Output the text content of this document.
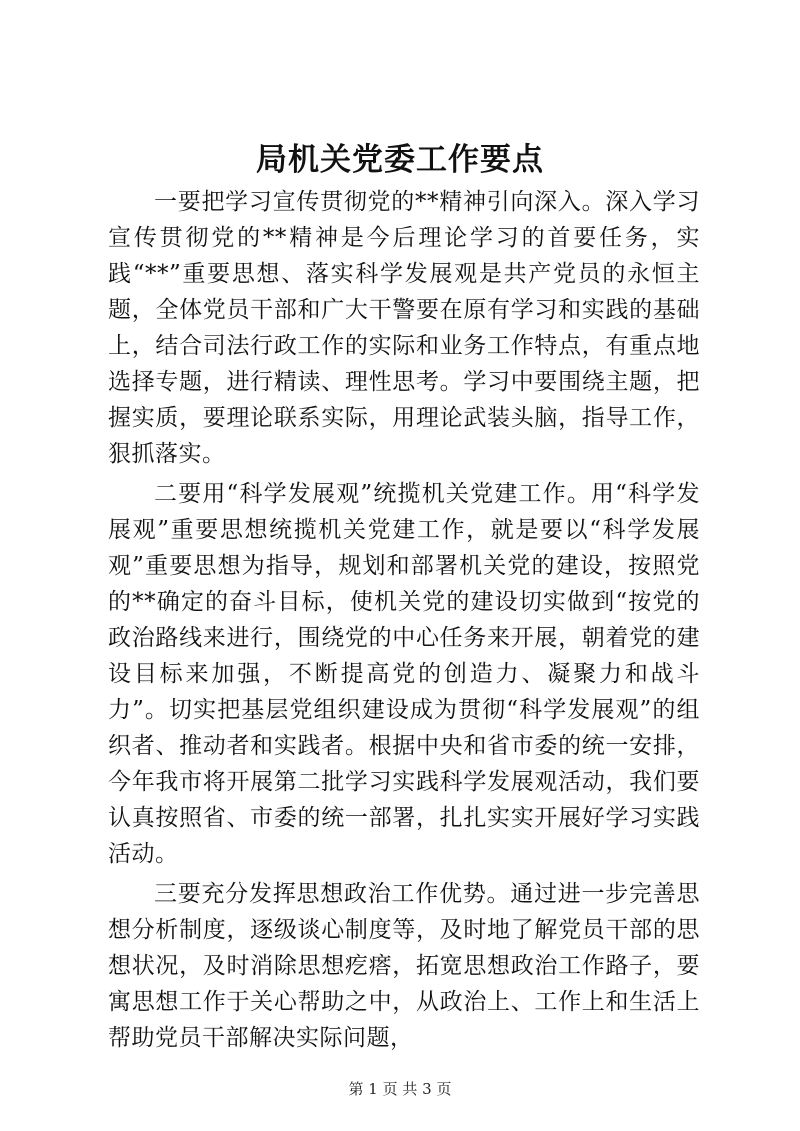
局机关党委工作要点

一要把学习宣传贯彻党的**精神引向深入。深入学习宣传贯彻党的**精神是今后理论学习的首要任务，实践“**”重要思想、落实科学发展观是共产党员的永恒主题，全体党员干部和广大干警要在原有学习和实践的基础上，结合司法行政工作的实际和业务工作特点，有重点地选择专题，进行精读、理性思考。学习中要围绕主题，把握实质，要理论联系实际，用理论武装头脑，指导工作，狠抓落实。

二要用“科学发展观”统揽机关党建工作。用“科学发展观”重要思想统揽机关党建工作，就是要以“科学发展观”重要思想为指导，规划和部署机关党的建设，按照党的**确定的奋斗目标，使机关党的建设切实做到“按党的政治路线来进行，围绕党的中心任务来开展，朝着党的建设目标来加强，不断提高党的创造力、凝聚力和战斗力”。切实把基层党组织建设成为贯彻“科学发展观”的组织者、推动者和实践者。根据中央和省市委的统一安排，今年我市将开展第二批学习实践科学发展观活动，我们要认真按照省、市委的统一部署，扎扎实实开展好学习实践活动。

三要充分发挥思想政治工作优势。通过进一步完善思想分析制度，逐级谈心制度等，及时地了解党员干部的思想状况，及时消除思想疙瘩，拓宽思想政治工作路子，要寓思想工作于关心帮助之中，从政治上、工作上和生活上帮助党员干部解决实际问题，

第 1 页 共 3 页
